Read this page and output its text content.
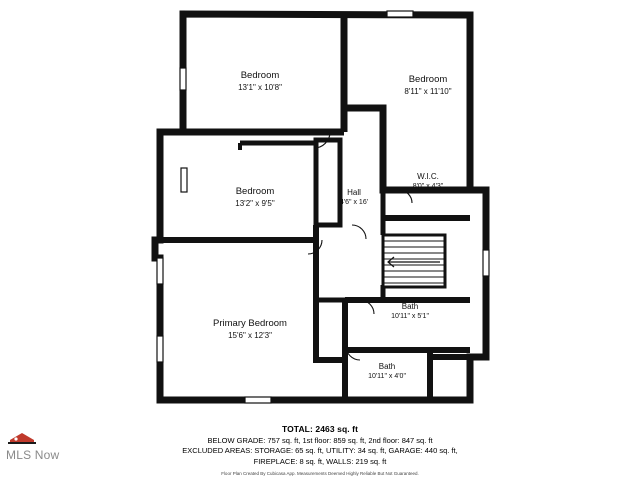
Bedroom
13'1" x 10'8"
Bedroom
8'11" x 11'10"
Bedroom
13'2" x 9'5"
Hall
4'6" x 16'
W.I.C.
8'0" x 4'3"
Primary Bedroom
15'6" x 12'3"
Bath
10'11" x 5'1"
Bath
10'11" x 4'0"

TOTAL: 2463 sq. ft

BELOW GRADE: 757 sq. ft, 1st floor: 859 sq. ft, 2nd floor: 847 sq. ft

EXCLUDED AREAS: STORAGE: 65 sq. ft, UTILITY: 34 sq. ft, GARAGE: 440 sq. ft,

FIREPLACE: 8 sq. ft, WALLS: 219 sq. ft

Floor Plan Created By Cubicasa App. Measurements Deemed Highly Reliable But Not Guaranteed.

MLS Now
